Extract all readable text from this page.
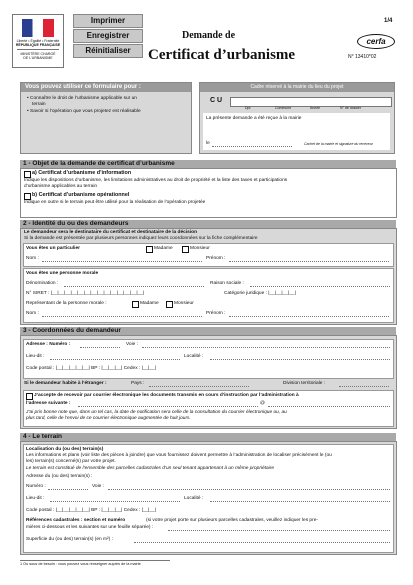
Liberté • Égalité • Fraternité
RÉPUBLIQUE FRANÇAISE
MINISTÈRE CHARGÉ
DE L'URBANISME
Imprimer
Enregistrer
Réinitialiser
Demande de
Certificat d’urbanisme
1/4
cerfa
N° 13410*02
Vous pouvez utiliser ce formulaire pour :
• Connaître le droit de l’urbanisme applicable sur un
terrain
• Savoir si l’opération que vous projetez est réalisable
Cadre réservé à la mairie du lieu du projet
C U
Dpt	Commune	Année	N° de dossier
La présente demande a été reçue à la mairie
le	Cachet de la mairie et signature du receveur
1 - Objet de la demande de certificat d’urbanisme
a) Certificat d’urbanisme d’information
Indique les dispositions d’urbanisme, les limitations administratives au droit de propriété et la liste des taxes et participations
d’urbanisme applicables au terrain
b) Certificat d’urbanisme opérationnel
Indique en outre si le terrain peut être utilisé pour la réalisation de l’opération projetée
2 - Identité du ou des demandeurs
Le demandeur sera le destinataire du certificat et destinataire de la décision
Si la demande est présentée par plusieurs personnes indiquez leurs coordonnées sur la fiche complémentaire
Vous êtes un particulier	Madame	Monsieur
Nom :	Prénom :
Vous êtes une personne morale
Dénomination :	Raison sociale :
N° SIRET : |__|__|__|__|__|__|__|__|__|__|__|__|__|__|	Catégorie juridique : |__|__|__|__|
Représentant de la personne morale :	Madame	Monsieur
Nom :	Prénom :
3 - Coordonnées du demandeur
Adresse : Numéro :	Voie :
Lieu-dit :	Localité :
Code postal : |__|__|__|__|__| BP : |__|__|__| Cedex : |__|__|
Si le demandeur habite à l’étranger :	Pays :	Division territoriale :
J’accepte de recevoir par courrier électronique les documents transmis en cours d’instruction par l’administration à
l’adresse suivante :	@
J’ai pris bonne note que, dans un tel cas, la date de notification sera celle de la consultation du courrier électronique ou, au
plus tard, celle de l’envoi de ce courrier électronique augmentée de huit jours.
4 - Le terrain
Localisation du (ou des) terrain(s)
Les informations et plans (voir liste des pièces à joindre) que vous fournissez doivent permettre à l’administration de localiser précisément le (ou
les) terrain(s) concerné(s) par votre projet.
Le terrain est constitué de l’ensemble des parcelles cadastrales d’un seul tenant appartenant à un même propriétaire
Adresse du (ou des) terrain(s) :
Numéro :	Voie :
Lieu-dit :	Localité :
Code postal : |__|__|__|__|__| BP : |__|__|__| Cedex : |__|__|
Références cadastrales : section et numéro	(si votre projet porte sur plusieurs parcelles cadastrales, veuillez indiquer les pre-
mières ci-dessous et les suivantes sur une feuille séparée) :
Superficie du (ou des) terrain(s) (en m²) :
1 Ou sous de besoin : vous pouvez vous renseigner auprès de la mairie
